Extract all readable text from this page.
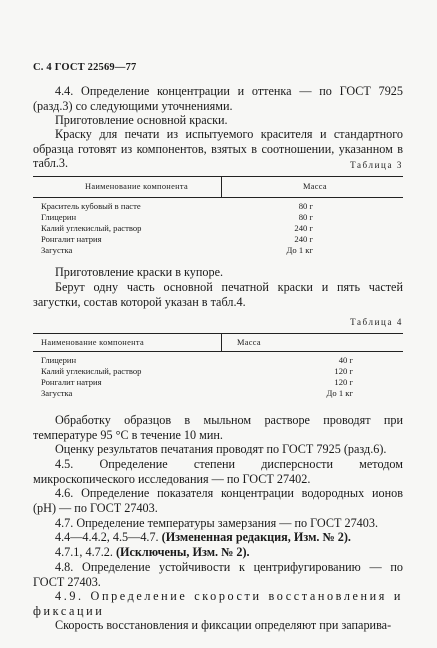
С. 4 ГОСТ 22569—77
4.4. Определение концентрации и оттенка — по ГОСТ 7925 (разд.3) со следующими уточнениями.
Приготовление основной краски.
Краску для печати из испытуемого красителя и стандартного образца готовят из компонентов, взятых в соотношении, указанном в табл.3.	Таблица 3
Наименование компонента	Масса
Краситель кубовый в пасте	80 г
Глицерин	80 г
Калий углекислый, раствор	240 г
Ронгалит натрия	240 г
Загустка	До 1 кг
Приготовление краски в купоре.
Берут одну часть основной печатной краски и пять частей загустки, состав которой указан в табл.4.
Таблица 4
Наименование компонента	Масса
Глицерин	40 г
Калий углекислый, раствор	120 г
Ронгалит натрия	120 г
Загустка	До 1 кг
Обработку образцов в мыльном растворе проводят при температуре 95 °С в течение 10 мин.
Оценку результатов печатания проводят по ГОСТ 7925 (разд.6).
4.5. Определение степени дисперсности методом микроскопического исследования — по ГОСТ 27402.
4.6. Определение показателя концентрации водородных ионов (рН) — по ГОСТ 27403.
4.7. Определение температуры замерзания — по ГОСТ 27403.
4.4—4.4.2, 4.5—4.7. (Измененная редакция, Изм. № 2).
4.7.1, 4.7.2. (Исключены, Изм. № 2).
4.8. Определение устойчивости к центрифугированию — по ГОСТ 27403.
4.9. Определение скорости восстановления и фиксации
Скорость восстановления и фиксации определяют при запарива-
